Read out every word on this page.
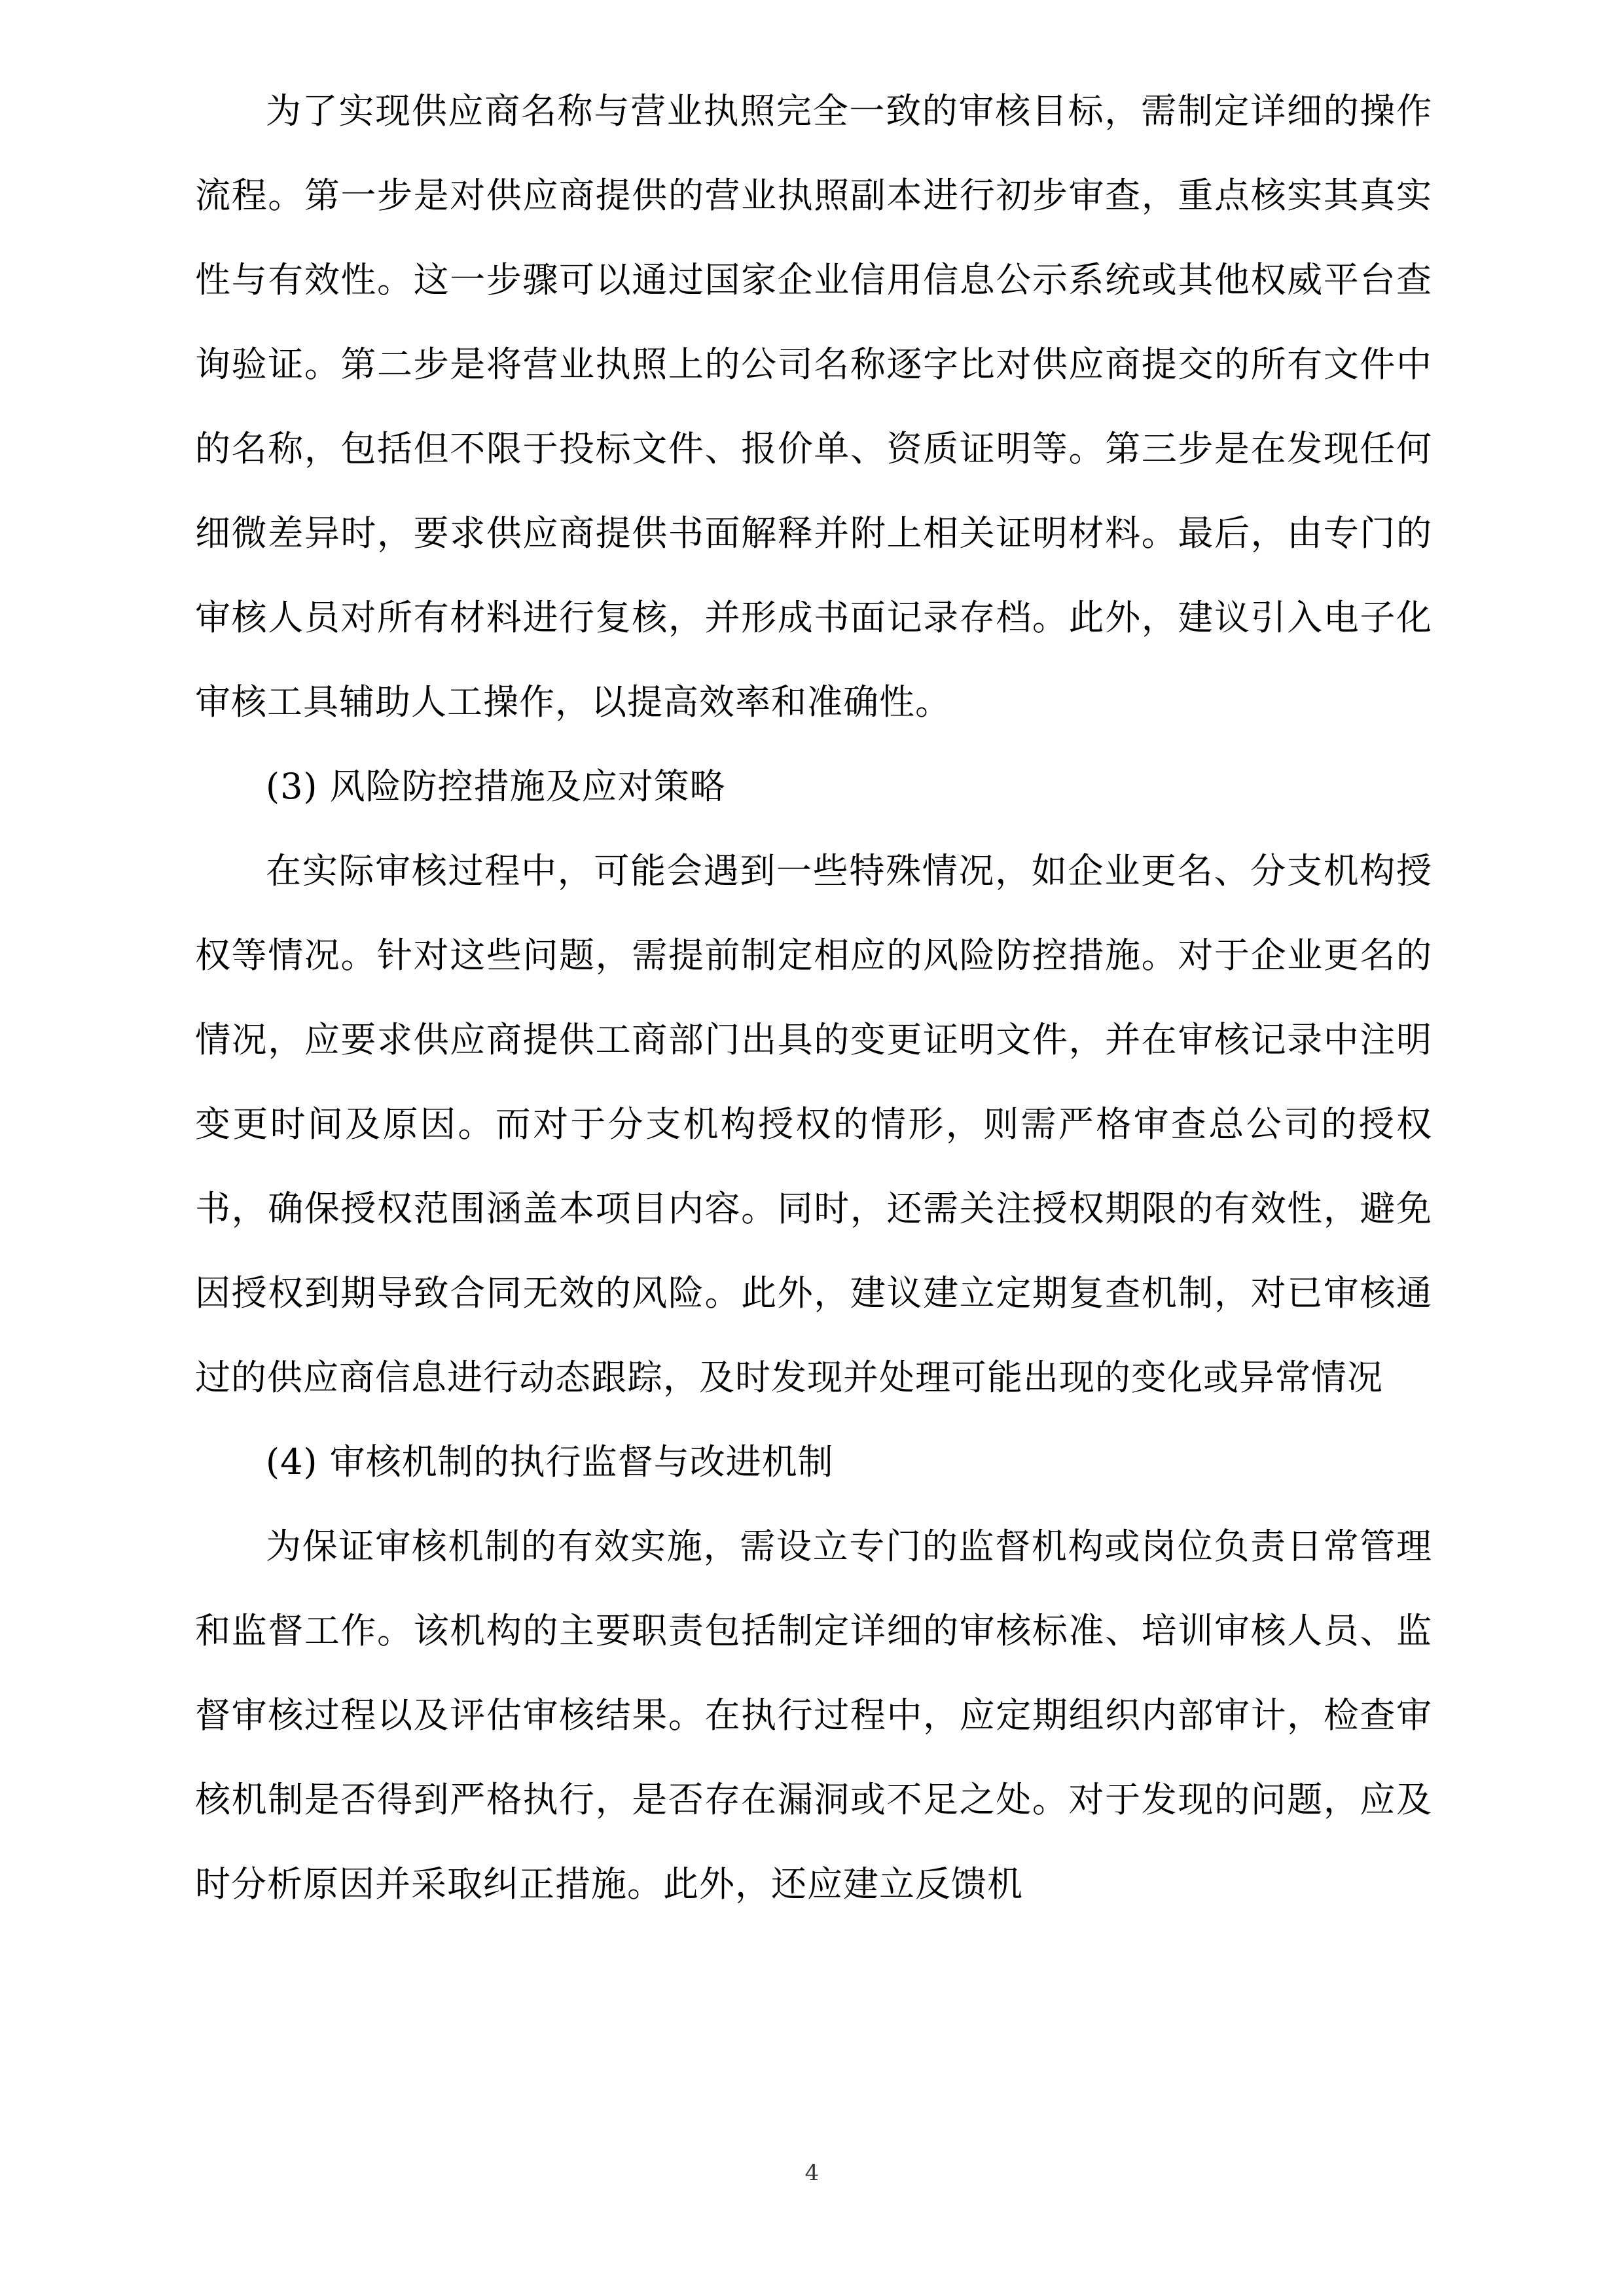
为了实现供应商名称与营业执照完全一致的审核目标，需制定详细的操作流程。第一步是对供应商提供的营业执照副本进行初步审查，重点核实其真实性与有效性。这一步骤可以通过国家企业信用信息公示系统或其他权威平台查询验证。第二步是将营业执照上的公司名称逐字比对供应商提交的所有文件中的名称，包括但不限于投标文件、报价单、资质证明等。第三步是在发现任何细微差异时，要求供应商提供书面解释并附上相关证明材料。最后，由专门的审核人员对所有材料进行复核，并形成书面记录存档。此外，建议引入电子化审核工具辅助人工操作，以提高效率和准确性。

(3) 风险防控措施及应对策略

在实际审核过程中，可能会遇到一些特殊情况，如企业更名、分支机构授权等情况。针对这些问题，需提前制定相应的风险防控措施。对于企业更名的情况，应要求供应商提供工商部门出具的变更证明文件，并在审核记录中注明变更时间及原因。而对于分支机构授权的情形，则需严格审查总公司的授权书，确保授权范围涵盖本项目内容。同时，还需关注授权期限的有效性，避免因授权到期导致合同无效的风险。此外，建议建立定期复查机制，对已审核通过的供应商信息进行动态跟踪，及时发现并处理可能出现的变化或异常情况

(4) 审核机制的执行监督与改进机制

为保证审核机制的有效实施，需设立专门的监督机构或岗位负责日常管理和监督工作。该机构的主要职责包括制定详细的审核标准、培训审核人员、监督审核过程以及评估审核结果。在执行过程中，应定期组织内部审计，检查审核机制是否得到严格执行，是否存在漏洞或不足之处。对于发现的问题，应及时分析原因并采取纠正措施。此外，还应建立反馈机

4
